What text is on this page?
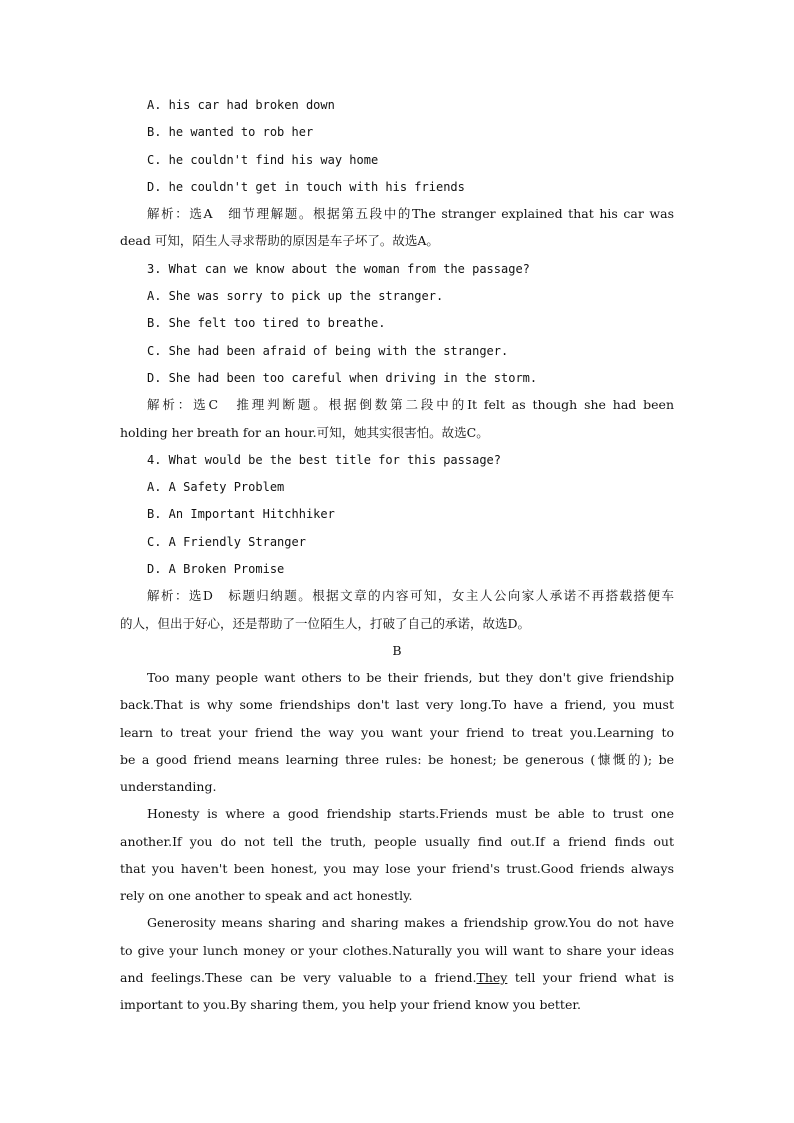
A. his car had broken down
B. he wanted to rob her
C. he couldn't find his way home
D. he couldn't get in touch with his friends
解析：选A　细节理解题。根据第五段中的The stranger explained that his car was
dead 可知，陌生人寻求帮助的原因是车子坏了。故选A。
3. What can we know about the woman from the passage?
A. She was sorry to pick up the stranger.
B. She felt too tired to breathe.
C. She had been afraid of being with the stranger.
D. She had been too careful when driving in the storm.
解析：选C　推理判断题。根据倒数第二段中的It felt as though she had been
holding her breath for an hour.可知，她其实很害怕。故选C。
4. What would be the best title for this passage?
A. A Safety Problem
B. An Important Hitchhiker
C. A Friendly Stranger
D. A Broken Promise
解析：选D　标题归纳题。根据文章的内容可知，女主人公向家人承诺不再搭载搭便车
的人，但出于好心，还是帮助了一位陌生人，打破了自己的承诺，故选D。
B
Too many people want others to be their friends, but they don't give friendship
back.That is why some friendships don't last very long.To have a friend, you must
learn to treat your friend the way you want your friend to treat you.Learning to
be a good friend means learning three rules: be honest; be generous (慷慨的); be
understanding.
Honesty is where a good friendship starts.Friends must be able to trust one
another.If you do not tell the truth, people usually find out.If a friend finds out
that you haven't been honest, you may lose your friend's trust.Good friends always
rely on one another to speak and act honestly.
Generosity means sharing and sharing makes a friendship grow.You do not have
to give your lunch money or your clothes.Naturally you will want to share your ideas
and feelings.These can be very valuable to a friend.They tell your friend what is
important to you.By sharing them, you help your friend know you better.
